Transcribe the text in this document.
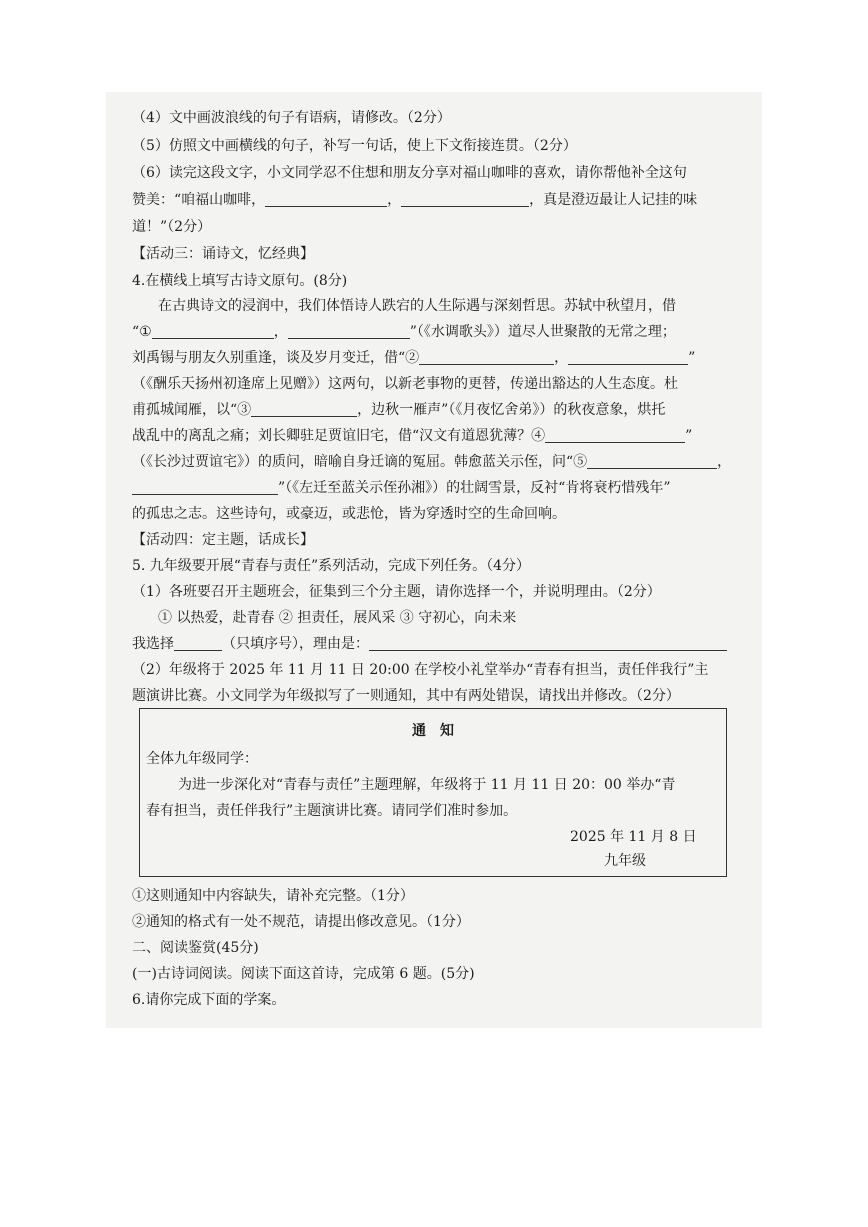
（4）文中画波浪线的句子有语病，请修改。（2分）
（5）仿照文中画横线的句子，补写一句话，使上下文衔接连贯。（2分）
（6）读完这段文字，小文同学忍不住想和朋友分享对福山咖啡的喜欢，请你帮他补全这句
赞美：“咱福山咖啡，	，	，真是澄迈最让人记挂的味
道！”（2分）
【活动三：诵诗文，忆经典】
4.在横线上填写古诗文原句。(8分)
在古典诗文的浸润中，我们体悟诗人跌宕的人生际遇与深刻哲思。苏轼中秋望月，借
“①	，	”（《水调歌头》）道尽人世聚散的无常之理；
刘禹锡与朋友久别重逢，谈及岁月变迁，借“②	，	”
（《酬乐天扬州初逢席上见赠》）这两句，以新老事物的更替，传递出豁达的人生态度。杜
甫孤城闻雁，以“③	，边秋一雁声”（《月夜忆舍弟》）的秋夜意象，烘托
战乱中的离乱之痛；刘长卿驻足贾谊旧宅，借“汉文有道恩犹薄？④	”
（《长沙过贾谊宅》）的质问，暗喻自身迁谪的冤屈。韩愈蓝关示侄，问“⑤	，
”（《左迁至蓝关示侄孙湘》）的壮阔雪景，反衬“肯将衰朽惜残年”
的孤忠之志。这些诗句，或豪迈，或悲怆，皆为穿透时空的生命回响。
【活动四：定主题，话成长】
5. 九年级要开展“青春与责任”系列活动，完成下列任务。（4分）
（1）各班要召开主题班会，征集到三个分主题，请你选择一个，并说明理由。（2分）
① 以热爱，赴青春 ② 担责任，展风采 ③ 守初心，向未来
我选择	（只填序号），理由是：
（2）年级将于 2025 年 11 月 11 日 20:00 在学校小礼堂举办“青春有担当，责任伴我行”主
题演讲比赛。小文同学为年级拟写了一则通知，其中有两处错误，请找出并修改。（2分）
通　知
全体九年级同学：
为进一步深化对“青春与责任”主题理解，年级将于 11 月 11 日 20：00 举办“青
春有担当，责任伴我行”主题演讲比赛。请同学们准时参加。
2025 年 11 月 8 日
九年级
①这则通知中内容缺失，请补充完整。（1分）
②通知的格式有一处不规范，请提出修改意见。（1分）
二、阅读鉴赏(45分)
(一)古诗词阅读。阅读下面这首诗，完成第 6 题。(5分)
6.请你完成下面的学案。
